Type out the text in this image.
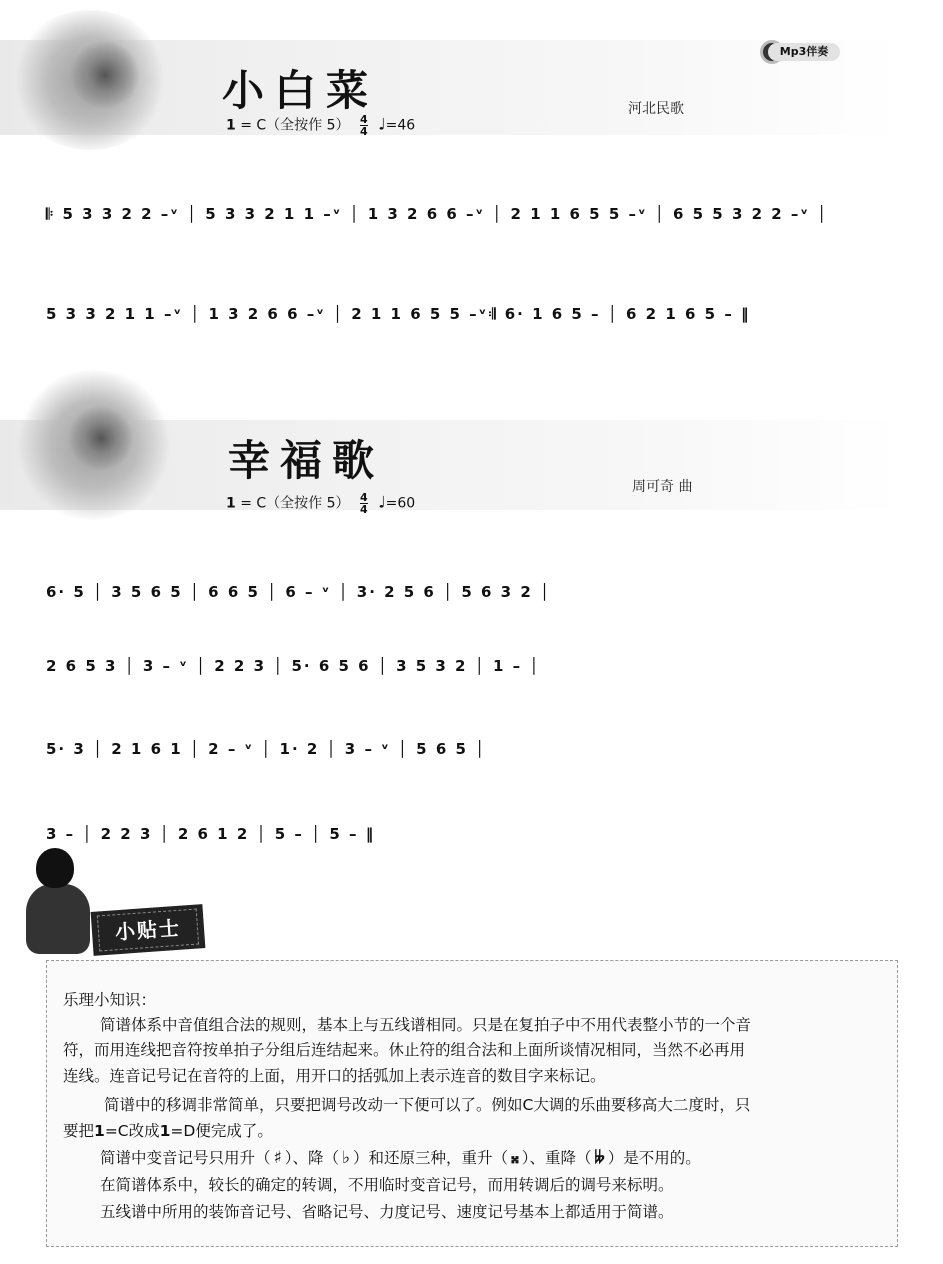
Mp3伴奏
小白菜	河北民歌
1 = C（全按作 $5) \frac{4}{4}$ ♩=46
𝄆 5 3 3 2 2 –ᵛ │ 5 3 3 2 1 1 –ᵛ │ 1 3 2 6 6 –ᵛ │ 2 1 1 6 5 5 –ᵛ │ 6 5 5 3 2 2 –ᵛ │
5 3 3 2 1 1 –ᵛ │ 1 3 2 6 6 –ᵛ │ 2 1 1 6 5 5 –ᵛ𝄇 6· 1 6 5 – │ 6 2 1 6 5 – ‖
幸福歌
周可奇 曲
1 = C（全按作 $5) \frac{4}{4}$ ♩=60
6· 5 │ 3 5 6 5 │ 6 6 5 │ 6 – ᵛ │ 3· 2 5 6 │ 5 6 3 2 │
2 6 5 3 │ 3 – ᵛ │ 2 2 3 │ 5· 6 5 6 │ 3 5 3 2 │ 1 – │
5· 3 │ 2 1 6 1 │ 2 – ᵛ │ 1· 2 │ 3 – ᵛ │ 5 6 5 │
3 – │ 2 2 3 │ 2 6 1 2 │ 5 – │ 5 – ‖
小贴士
乐理小知识：
简谱体系中音值组合法的规则，基本上与五线谱相同。只是在复拍子中不用代表整小节的一个音
符，而用连线把音符按单拍子分组后连结起来。休止符的组合法和上面所谈情况相同，当然不必再用
连线。连音记号记在音符的上面，用开口的括弧加上表示连音的数目字来标记。
简谱中的移调非常简单，只要把调号改动一下便可以了。例如C大调的乐曲要移高大二度时，只
要把1=C改成1=D便完成了。
简谱中变音记号只用升（ ♯ ）、降（ ♭ ）和还原三种，重升（ 𝄪 ）、重降（ 𝄫 ）是不用的。
在简谱体系中，较长的确定的转调，不用临时变音记号，而用转调后的调号来标明。
五线谱中所用的装饰音记号、省略记号、力度记号、速度记号基本上都适用于简谱。
